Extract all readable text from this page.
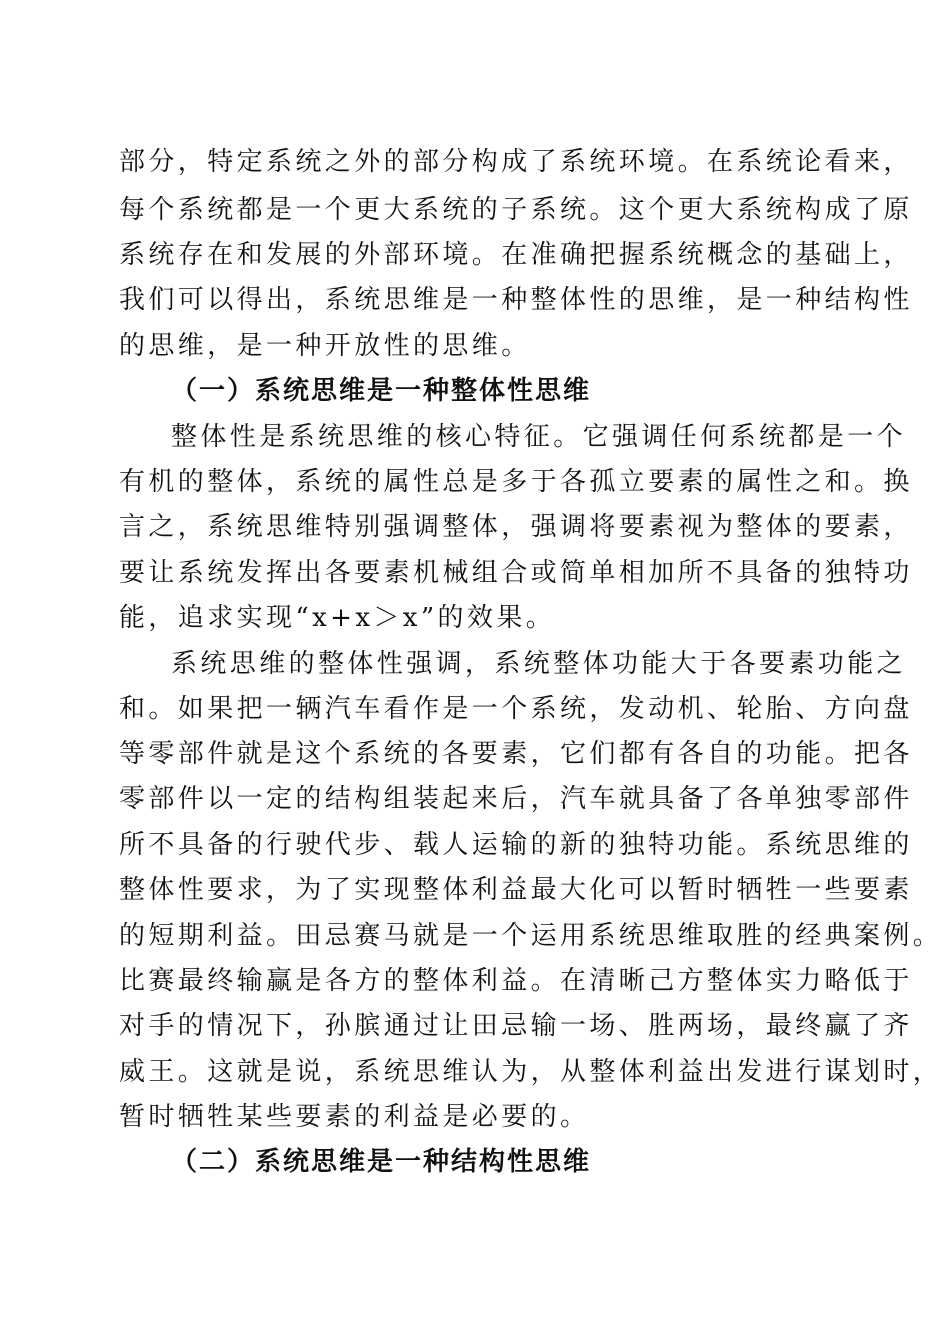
部分，特定系统之外的部分构成了系统环境。在系统论看来，
每个系统都是一个更大系统的子系统。这个更大系统构成了原
系统存在和发展的外部环境。在准确把握系统概念的基础上，
我们可以得出，系统思维是一种整体性的思维，是一种结构性
的思维，是一种开放性的思维。
（一）系统思维是一种整体性思维
整体性是系统思维的核心特征。它强调任何系统都是一个
有机的整体，系统的属性总是多于各孤立要素的属性之和。换
言之，系统思维特别强调整体，强调将要素视为整体的要素，
要让系统发挥出各要素机械组合或简单相加所不具备的独特功
能，追求实现“x+x＞x”的效果。
系统思维的整体性强调，系统整体功能大于各要素功能之
和。如果把一辆汽车看作是一个系统，发动机、轮胎、方向盘
等零部件就是这个系统的各要素，它们都有各自的功能。把各
零部件以一定的结构组装起来后，汽车就具备了各单独零部件
所不具备的行驶代步、载人运输的新的独特功能。系统思维的
整体性要求，为了实现整体利益最大化可以暂时牺牲一些要素
的短期利益。田忌赛马就是一个运用系统思维取胜的经典案例。
比赛最终输赢是各方的整体利益。在清晰己方整体实力略低于
对手的情况下，孙膑通过让田忌输一场、胜两场，最终赢了齐
威王。这就是说，系统思维认为，从整体利益出发进行谋划时，
暂时牺牲某些要素的利益是必要的。
（二）系统思维是一种结构性思维
